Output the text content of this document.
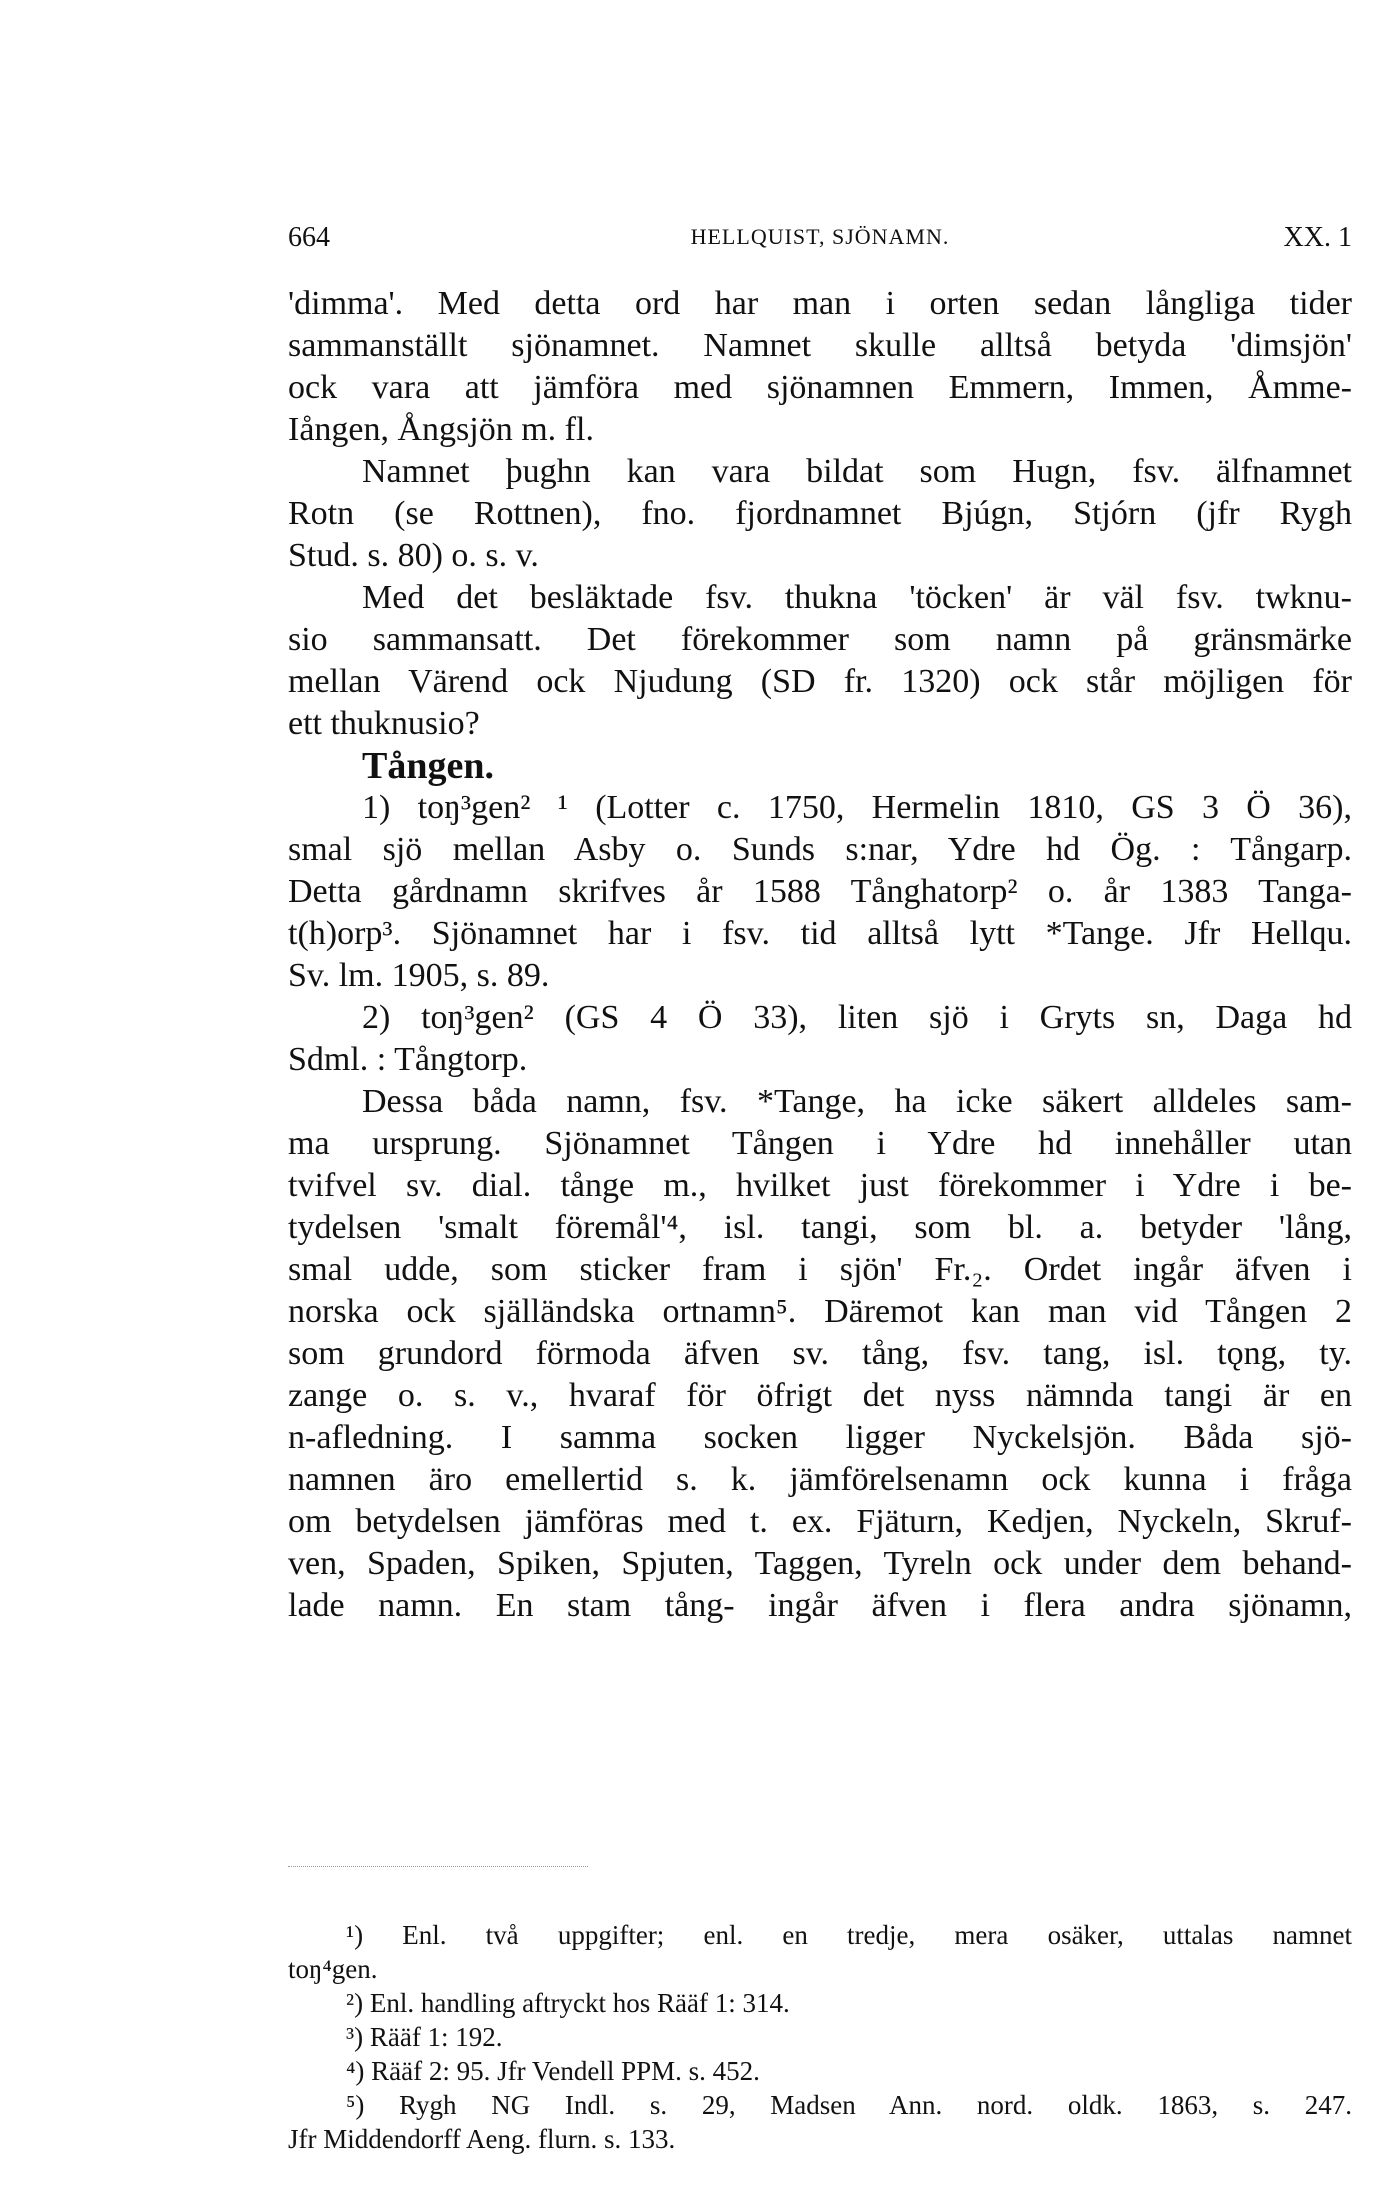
664	HELLQUIST, SJÖNAMN.	XX. 1
'dimma'. Med detta ord har man i orten sedan långliga tider
sammanställt sjönamnet. Namnet skulle alltså betyda 'dimsjön'
ock vara att jämföra med sjönamnen Emmern, Immen, Åmme-
Iången, Ångsjön m. fl.
Namnet þughn kan vara bildat som Hugn, fsv. älfnamnet
Rotn (se Rottnen), fno. fjordnamnet Bjúgn, Stjórn (jfr Rygh
Stud. s. 80) o. s. v.
Med det besläktade fsv. thukna 'töcken' är väl fsv. twknu-
sio sammansatt. Det förekommer som namn på gränsmärke
mellan Värend ock Njudung (SD fr. 1320) ock står möjligen för
ett thuknusio?
Tången.
1) toŋ³gen² ¹ (Lotter c. 1750, Hermelin 1810, GS 3 Ö 36),
smal sjö mellan Asby o. Sunds s:nar, Ydre hd Ög. : Tångarp.
Detta gårdnamn skrifves år 1588 Tånghatorp² o. år 1383 Tanga-
t(h)orp³. Sjönamnet har i fsv. tid alltså lytt *Tange. Jfr Hellqu.
Sv. lm. 1905, s. 89.
2) toŋ³gen² (GS 4 Ö 33), liten sjö i Gryts sn, Daga hd
Sdml. : Tångtorp.
Dessa båda namn, fsv. *Tange, ha icke säkert alldeles sam-
ma ursprung. Sjönamnet Tången i Ydre hd innehåller utan
tvifvel sv. dial. tånge m., hvilket just förekommer i Ydre i be-
tydelsen 'smalt föremål'⁴, isl. tangi, som bl. a. betyder 'lång,
smal udde, som sticker fram i sjön' Fr.₂. Ordet ingår äfven i
norska ock själländska ortnamn⁵. Däremot kan man vid Tången 2
som grundord förmoda äfven sv. tång, fsv. tang, isl. tǫng, ty.
zange o. s. v., hvaraf för öfrigt det nyss nämnda tangi är en
n-afledning. I samma socken ligger Nyckelsjön. Båda sjö-
namnen äro emellertid s. k. jämförelsenamn ock kunna i fråga
om betydelsen jämföras med t. ex. Fjäturn, Kedjen, Nyckeln, Skruf-
ven, Spaden, Spiken, Spjuten, Taggen, Tyreln ock under dem behand-
lade namn. En stam tång- ingår äfven i flera andra sjönamn,
¹) Enl. två uppgifter; enl. en tredje, mera osäker, uttalas namnet
toŋ⁴gen.
²) Enl. handling aftryckt hos Rääf 1: 314.
³) Rääf 1: 192.
⁴) Rääf 2: 95. Jfr Vendell PPM. s. 452.
⁵) Rygh NG Indl. s. 29, Madsen Ann. nord. oldk. 1863, s. 247.
Jfr Middendorff Aeng. flurn. s. 133.
